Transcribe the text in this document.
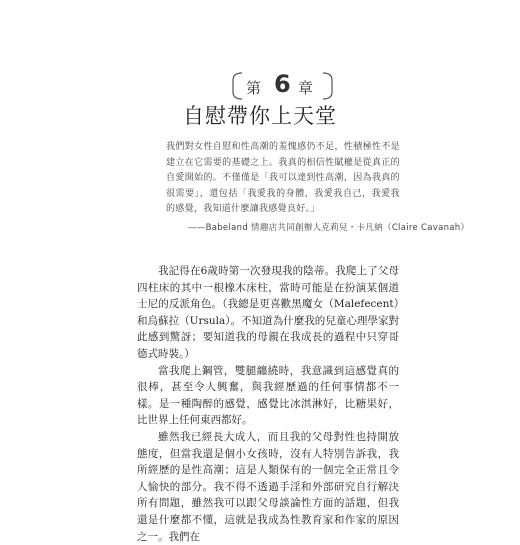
第 6 章
自慰帶你上天堂

我們對女性自慰和性高潮的羞愧感仍不足，性積極性不是建立在它需要的基礎之上。我真的相信性賦權是從真正的自愛開始的。不僅僅是「我可以達到性高潮，因為我真的很需要」，還包括「我愛我的身體，我愛我自己，我愛我的感覺，我知道什麼讓我感覺良好。」

——Babeland 情趣店共同創辦人克莉兒・卡凡納（Claire Cavanah）

我記得在6歲時第一次發現我的陰蒂。我爬上了父母四柱床的其中一根橡木床柱，當時可能是在扮演某個道士尼的反派角色。（我總是更喜歡黑魔女（Malefecent）和烏蘇拉（Ursula）。不知道為什麼我的兒童心理學家對此感到驚訝；要知道我的母親在我成長的過程中只穿哥德式時裝。）

當我爬上鋼管，雙腿纏繞時，我意識到這感覺真的很棒，甚至令人興奮，與我經歷過的任何事情都不一樣。是一種陶醉的感覺，感覺比冰淇淋好，比糖果好，比世界上任何東西都好。

雖然我已經長大成人，而且我的父母對性也持開放態度，但當我還是個小女孩時，沒有人特別告訴我，我所經歷的是性高潮；這是人類保有的一個完全正常且令人愉快的部分。我不得不透過手淫和外部研究自行解決所有問題，雖然我可以跟父母談論性方面的話題，但我還是什麼都不懂，這就是我成為性教育家和作家的原因之一。我們在
